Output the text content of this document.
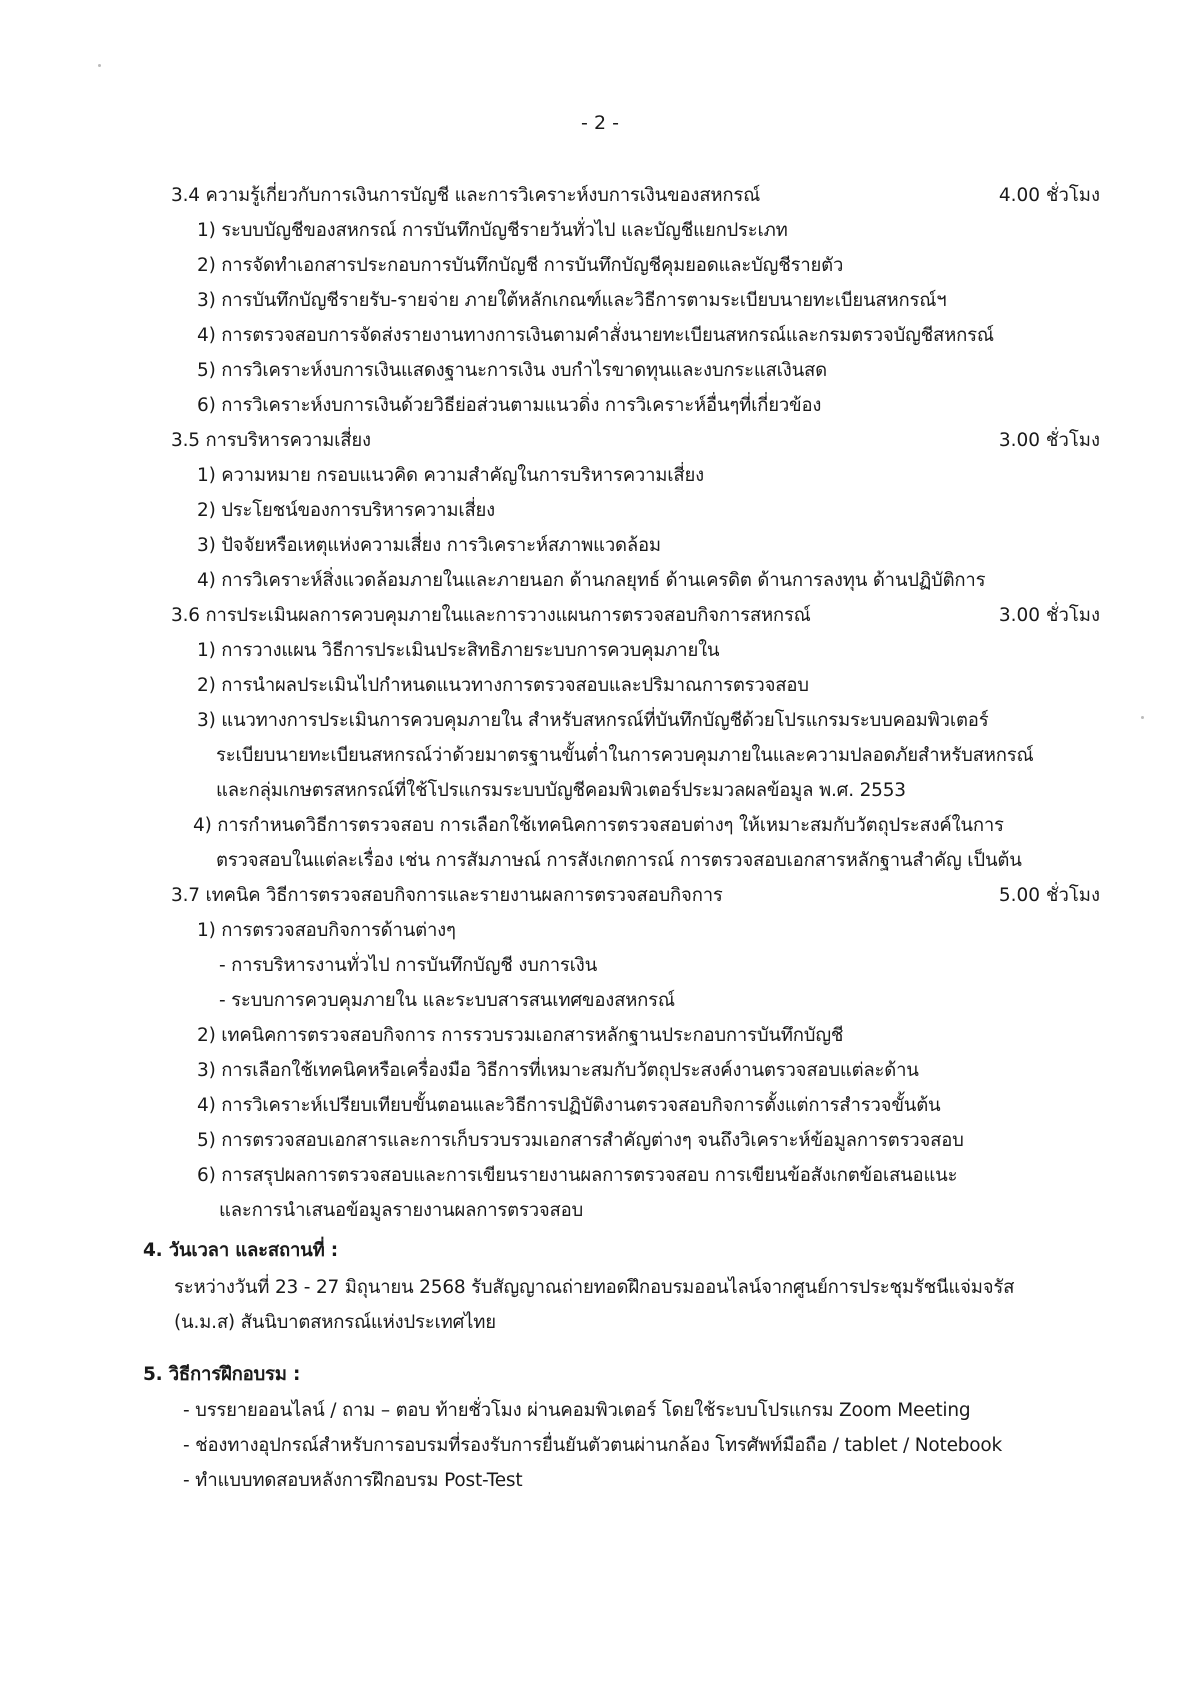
- 2 -
3.4 ความรู้เกี่ยวกับการเงินการบัญชี และการวิเคราะห์งบการเงินของสหกรณ์	4.00 ชั่วโมง
1) ระบบบัญชีของสหกรณ์ การบันทึกบัญชีรายวันทั่วไป และบัญชีแยกประเภท
2) การจัดทำเอกสารประกอบการบันทึกบัญชี การบันทึกบัญชีคุมยอดและบัญชีรายตัว
3) การบันทึกบัญชีรายรับ-รายจ่าย ภายใต้หลักเกณฑ์และวิธีการตามระเบียบนายทะเบียนสหกรณ์ฯ
4) การตรวจสอบการจัดส่งรายงานทางการเงินตามคำสั่งนายทะเบียนสหกรณ์และกรมตรวจบัญชีสหกรณ์
5) การวิเคราะห์งบการเงินแสดงฐานะการเงิน งบกำไรขาดทุนและงบกระแสเงินสด
6) การวิเคราะห์งบการเงินด้วยวิธีย่อส่วนตามแนวดิ่ง การวิเคราะห์อื่นๆที่เกี่ยวข้อง
3.5 การบริหารความเสี่ยง	3.00 ชั่วโมง
1) ความหมาย กรอบแนวคิด ความสำคัญในการบริหารความเสี่ยง
2) ประโยชน์ของการบริหารความเสี่ยง
3) ปัจจัยหรือเหตุแห่งความเสี่ยง การวิเคราะห์สภาพแวดล้อม
4) การวิเคราะห์สิ่งแวดล้อมภายในและภายนอก ด้านกลยุทธ์ ด้านเครดิต ด้านการลงทุน ด้านปฏิบัติการ
3.6 การประเมินผลการควบคุมภายในและการวางแผนการตรวจสอบกิจการสหกรณ์	3.00 ชั่วโมง
1) การวางแผน วิธีการประเมินประสิทธิภายระบบการควบคุมภายใน
2) การนำผลประเมินไปกำหนดแนวทางการตรวจสอบและปริมาณการตรวจสอบ
3) แนวทางการประเมินการควบคุมภายใน สำหรับสหกรณ์ที่บันทึกบัญชีด้วยโปรแกรมระบบคอมพิวเตอร์
ระเบียบนายทะเบียนสหกรณ์ว่าด้วยมาตรฐานขั้นต่ำในการควบคุมภายในและความปลอดภัยสำหรับสหกรณ์
และกลุ่มเกษตรสหกรณ์ที่ใช้โปรแกรมระบบบัญชีคอมพิวเตอร์ประมวลผลข้อมูล พ.ศ. 2553
4) การกำหนดวิธีการตรวจสอบ การเลือกใช้เทคนิคการตรวจสอบต่างๆ ให้เหมาะสมกับวัตถุประสงค์ในการ
ตรวจสอบในแต่ละเรื่อง เช่น การสัมภาษณ์ การสังเกตการณ์ การตรวจสอบเอกสารหลักฐานสำคัญ เป็นต้น
3.7 เทคนิค วิธีการตรวจสอบกิจการและรายงานผลการตรวจสอบกิจการ	5.00 ชั่วโมง
1) การตรวจสอบกิจการด้านต่างๆ
- การบริหารงานทั่วไป การบันทึกบัญชี งบการเงิน
- ระบบการควบคุมภายใน และระบบสารสนเทศของสหกรณ์
2) เทคนิคการตรวจสอบกิจการ การรวบรวมเอกสารหลักฐานประกอบการบันทึกบัญชี
3) การเลือกใช้เทคนิคหรือเครื่องมือ วิธีการที่เหมาะสมกับวัตถุประสงค์งานตรวจสอบแต่ละด้าน
4) การวิเคราะห์เปรียบเทียบขั้นตอนและวิธีการปฏิบัติงานตรวจสอบกิจการตั้งแต่การสำรวจขั้นต้น
5) การตรวจสอบเอกสารและการเก็บรวบรวมเอกสารสำคัญต่างๆ จนถึงวิเคราะห์ข้อมูลการตรวจสอบ
6) การสรุปผลการตรวจสอบและการเขียนรายงานผลการตรวจสอบ การเขียนข้อสังเกตข้อเสนอแนะ
และการนำเสนอข้อมูลรายงานผลการตรวจสอบ
4. วันเวลา และสถานที่ :
ระหว่างวันที่ 23 - 27 มิถุนายน 2568 รับสัญญาณถ่ายทอดฝึกอบรมออนไลน์จากศูนย์การประชุมรัชนีแจ่มจรัส
(น.ม.ส) สันนิบาตสหกรณ์แห่งประเทศไทย
5. วิธีการฝึกอบรม :
- บรรยายออนไลน์ / ถาม – ตอบ ท้ายชั่วโมง ผ่านคอมพิวเตอร์ โดยใช้ระบบโปรแกรม Zoom Meeting
- ช่องทางอุปกรณ์สำหรับการอบรมที่รองรับการยื่นยันตัวตนผ่านกล้อง โทรศัพท์มือถือ / tablet / Notebook
- ทำแบบทดสอบหลังการฝึกอบรม Post-Test
